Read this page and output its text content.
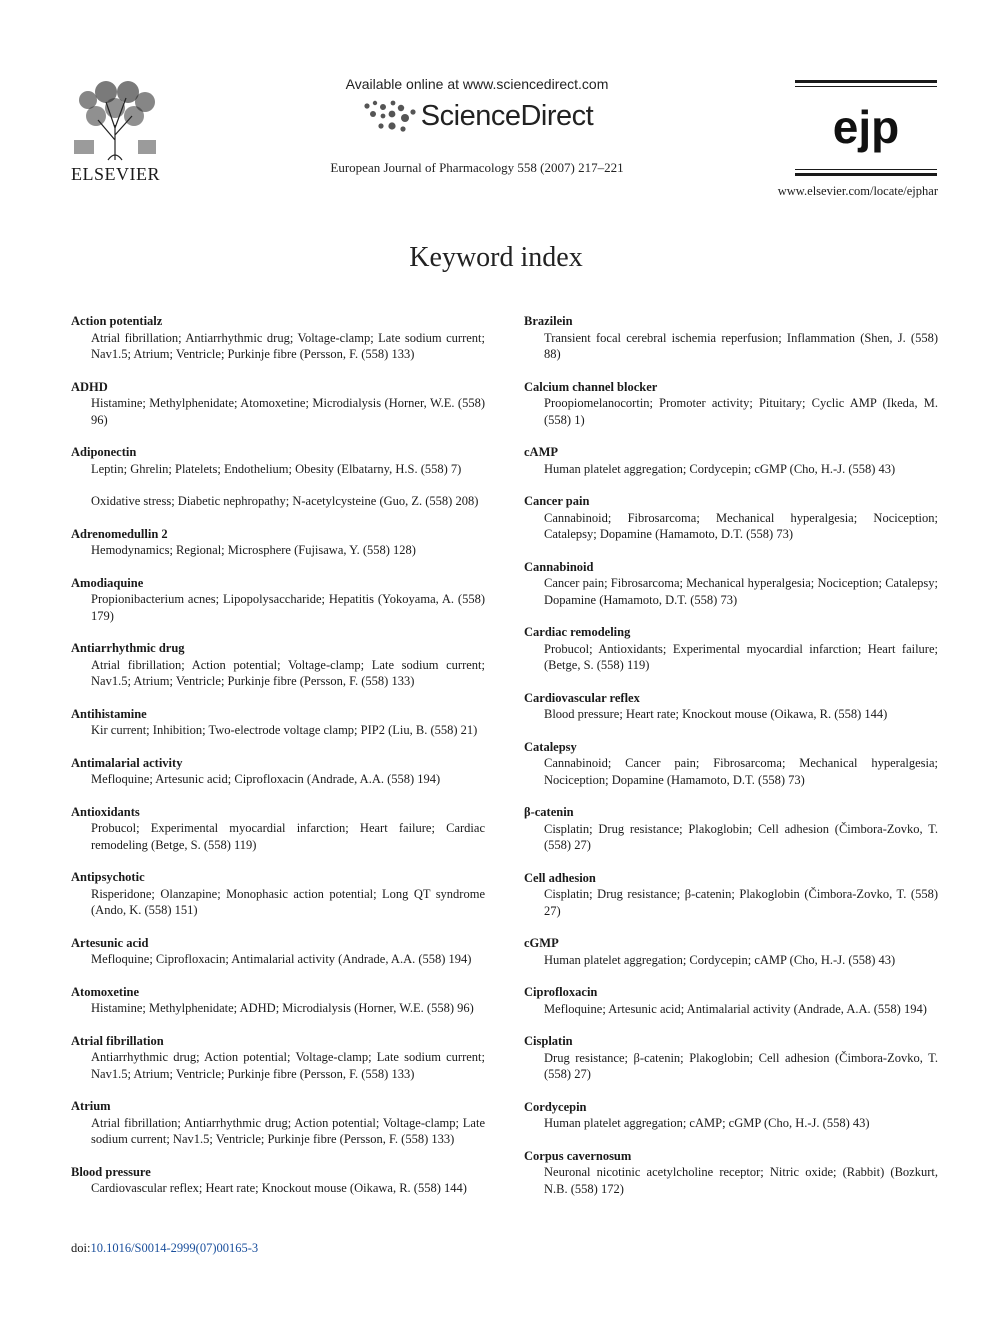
ELSEVIER
Available online at www.sciencedirect.com
ScienceDirect
European Journal of Pharmacology 558 (2007) 217–221
ejp
www.elsevier.com/locate/ejphar
Keyword index
Action potentialz
Atrial fibrillation; Antiarrhythmic drug; Voltage-clamp; Late sodium current; Nav1.5; Atrium; Ventricle; Purkinje fibre (Persson, F. (558) 133)
ADHD
Histamine; Methylphenidate; Atomoxetine; Microdialysis (Horner, W.E. (558) 96)
Adiponectin
Leptin; Ghrelin; Platelets; Endothelium; Obesity (Elbatarny, H.S. (558) 7)
Oxidative stress; Diabetic nephropathy; N-acetylcysteine (Guo, Z. (558) 208)
Adrenomedullin 2
Hemodynamics; Regional; Microsphere (Fujisawa, Y. (558) 128)
Amodiaquine
Propionibacterium acnes; Lipopolysaccharide; Hepatitis (Yokoyama, A. (558) 179)
Antiarrhythmic drug
Atrial fibrillation; Action potential; Voltage-clamp; Late sodium current; Nav1.5; Atrium; Ventricle; Purkinje fibre (Persson, F. (558) 133)
Antihistamine
Kir current; Inhibition; Two-electrode voltage clamp; PIP2 (Liu, B. (558) 21)
Antimalarial activity
Mefloquine; Artesunic acid; Ciprofloxacin (Andrade, A.A. (558) 194)
Antioxidants
Probucol; Experimental myocardial infarction; Heart failure; Cardiac remodeling (Betge, S. (558) 119)
Antipsychotic
Risperidone; Olanzapine; Monophasic action potential; Long QT syndrome (Ando, K. (558) 151)
Artesunic acid
Mefloquine; Ciprofloxacin; Antimalarial activity (Andrade, A.A. (558) 194)
Atomoxetine
Histamine; Methylphenidate; ADHD; Microdialysis (Horner, W.E. (558) 96)
Atrial fibrillation
Antiarrhythmic drug; Action potential; Voltage-clamp; Late sodium current; Nav1.5; Atrium; Ventricle; Purkinje fibre (Persson, F. (558) 133)
Atrium
Atrial fibrillation; Antiarrhythmic drug; Action potential; Voltage-clamp; Late sodium current; Nav1.5; Ventricle; Purkinje fibre (Persson, F. (558) 133)
Blood pressure
Cardiovascular reflex; Heart rate; Knockout mouse (Oikawa, R. (558) 144)
Brazilein
Transient focal cerebral ischemia reperfusion; Inflammation (Shen, J. (558) 88)
Calcium channel blocker
Proopiomelanocortin; Promoter activity; Pituitary; Cyclic AMP (Ikeda, M. (558) 1)
cAMP
Human platelet aggregation; Cordycepin; cGMP (Cho, H.-J. (558) 43)
Cancer pain
Cannabinoid; Fibrosarcoma; Mechanical hyperalgesia; Nociception; Catalepsy; Dopamine (Hamamoto, D.T. (558) 73)
Cannabinoid
Cancer pain; Fibrosarcoma; Mechanical hyperalgesia; Nociception; Catalepsy; Dopamine (Hamamoto, D.T. (558) 73)
Cardiac remodeling
Probucol; Antioxidants; Experimental myocardial infarction; Heart failure; (Betge, S. (558) 119)
Cardiovascular reflex
Blood pressure; Heart rate; Knockout mouse (Oikawa, R. (558) 144)
Catalepsy
Cannabinoid; Cancer pain; Fibrosarcoma; Mechanical hyperalgesia; Nociception; Dopamine (Hamamoto, D.T. (558) 73)
β-catenin
Cisplatin; Drug resistance; Plakoglobin; Cell adhesion (Čimbora-Zovko, T. (558) 27)
Cell adhesion
Cisplatin; Drug resistance; β-catenin; Plakoglobin (Čimbora-Zovko, T. (558) 27)
cGMP
Human platelet aggregation; Cordycepin; cAMP (Cho, H.-J. (558) 43)
Ciprofloxacin
Mefloquine; Artesunic acid; Antimalarial activity (Andrade, A.A. (558) 194)
Cisplatin
Drug resistance; β-catenin; Plakoglobin; Cell adhesion (Čimbora-Zovko, T. (558) 27)
Cordycepin
Human platelet aggregation; cAMP; cGMP (Cho, H.-J. (558) 43)
Corpus cavernosum
Neuronal nicotinic acetylcholine receptor; Nitric oxide; (Rabbit) (Bozkurt, N.B. (558) 172)
doi:10.1016/S0014-2999(07)00165-3
